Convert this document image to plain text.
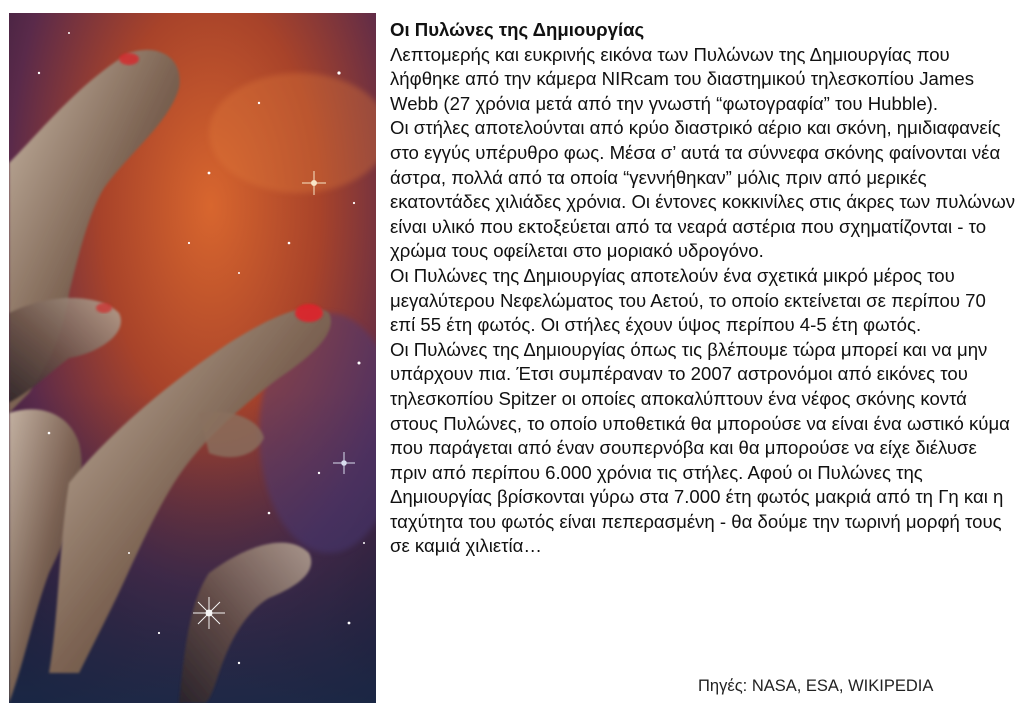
Οι Πυλώνες της Δημιουργίας

Λεπτομερής και ευκρινής εικόνα των Πυλώνων της Δημιουργίας που λήφθηκε από την κάμερα NIRcam του διαστημικού τηλεσκοπίου James Webb (27 χρόνια μετά από την γνωστή “φωτογραφία” του Hubble).

Οι στήλες αποτελούνται από κρύο διαστρικό αέριο και σκόνη, ημιδιαφανείς στο εγγύς υπέρυθρο φως. Μέσα σ’ αυτά τα σύννεφα σκόνης φαίνονται νέα άστρα, πολλά από τα οποία “γεννήθηκαν” μόλις πριν από μερικές εκατοντάδες χιλιάδες χρόνια. Οι έντονες κοκκινίλες στις άκρες των πυλώνων είναι υλικό που εκτοξεύεται από τα νεαρά αστέρια που σχηματίζονται - το χρώμα τους οφείλεται στο μοριακό υδρογόνο.

Οι Πυλώνες της Δημιουργίας αποτελούν ένα σχετικά μικρό μέρος του μεγαλύτερου Νεφελώματος του Αετού, το οποίο εκτείνεται σε περίπου 70 επί 55 έτη φωτός. Οι στήλες έχουν ύψος περίπου 4-5 έτη φωτός.

Οι Πυλώνες της Δημιουργίας όπως τις βλέπουμε τώρα μπορεί και να μην υπάρχουν πια. Έτσι συμπέραναν το 2007 αστρονόμοι από εικόνες του τηλεσκοπίου Spitzer οι οποίες αποκαλύπτουν ένα νέφος σκόνης κοντά στους Πυλώνες, το οποίο υποθετικά θα μπορούσε να είναι ένα ωστικό κύμα που παράγεται από έναν σουπερνόβα και θα μπορούσε να είχε διέλυσε πριν από περίπου 6.000 χρόνια τις στήλες. Αφού οι Πυλώνες της Δημιουργίας βρίσκονται γύρω στα 7.000 έτη φωτός μακριά από τη Γη και η ταχύτητα του φωτός είναι πεπερασμένη - θα δούμε την τωρινή μορφή τους σε καμιά χιλιετία…

Πηγές: NASA, ESA, WIKIPEDIA
